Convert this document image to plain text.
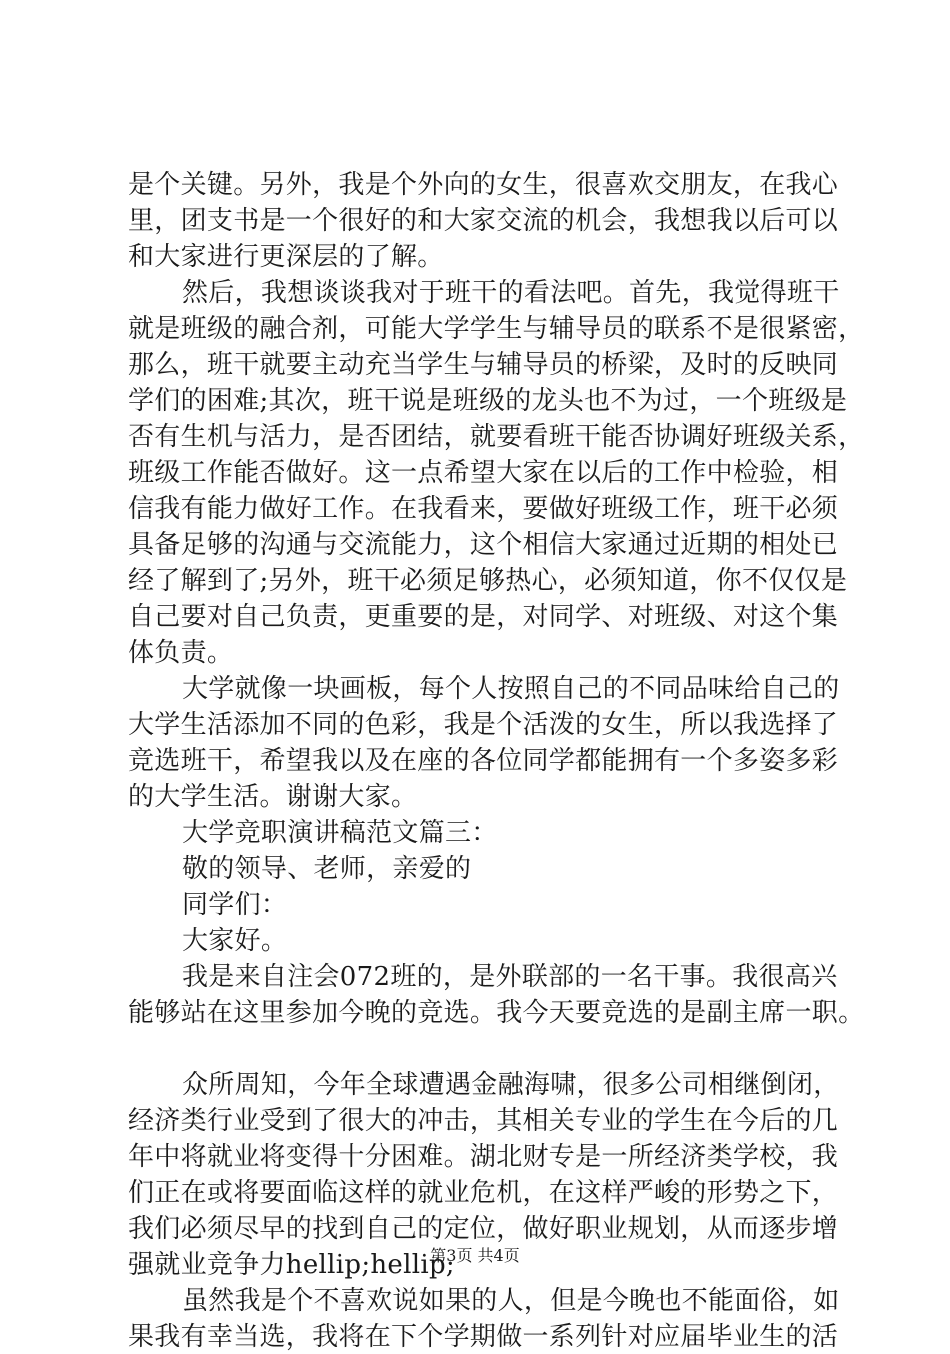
是个关键。另外，我是个外向的女生，很喜欢交朋友，在我心
里，团支书是一个很好的和大家交流的机会，我想我以后可以
和大家进行更深层的了解。
然后，我想谈谈我对于班干的看法吧。首先，我觉得班干
就是班级的融合剂，可能大学学生与辅导员的联系不是很紧密，
那么，班干就要主动充当学生与辅导员的桥梁，及时的反映同
学们的困难;其次，班干说是班级的龙头也不为过，一个班级是
否有生机与活力，是否团结，就要看班干能否协调好班级关系，
班级工作能否做好。这一点希望大家在以后的工作中检验，相
信我有能力做好工作。在我看来，要做好班级工作，班干必须
具备足够的沟通与交流能力，这个相信大家通过近期的相处已
经了解到了;另外，班干必须足够热心，必须知道，你不仅仅是
自己要对自己负责，更重要的是，对同学、对班级、对这个集
体负责。
大学就像一块画板，每个人按照自己的不同品味给自己的
大学生活添加不同的色彩，我是个活泼的女生，所以我选择了
竞选班干，希望我以及在座的各位同学都能拥有一个多姿多彩
的大学生活。谢谢大家。
大学竞职演讲稿范文篇三：
敬的领导、老师，亲爱的
同学们：
大家好。
我是来自注会072班的，是外联部的一名干事。我很高兴
能够站在这里参加今晚的竞选。我今天要竞选的是副主席一职。
众所周知，今年全球遭遇金融海啸，很多公司相继倒闭，
经济类行业受到了很大的冲击，其相关专业的学生在今后的几
年中将就业将变得十分困难。湖北财专是一所经济类学校，我
们正在或将要面临这样的就业危机，在这样严峻的形势之下，
我们必须尽早的找到自己的定位，做好职业规划，从而逐步增
强就业竞争力hellip;hellip;
虽然我是个不喜欢说如果的人，但是今晚也不能面俗，如
果我有幸当选，我将在下个学期做一系列针对应届毕业生的活
第3页 共4页
